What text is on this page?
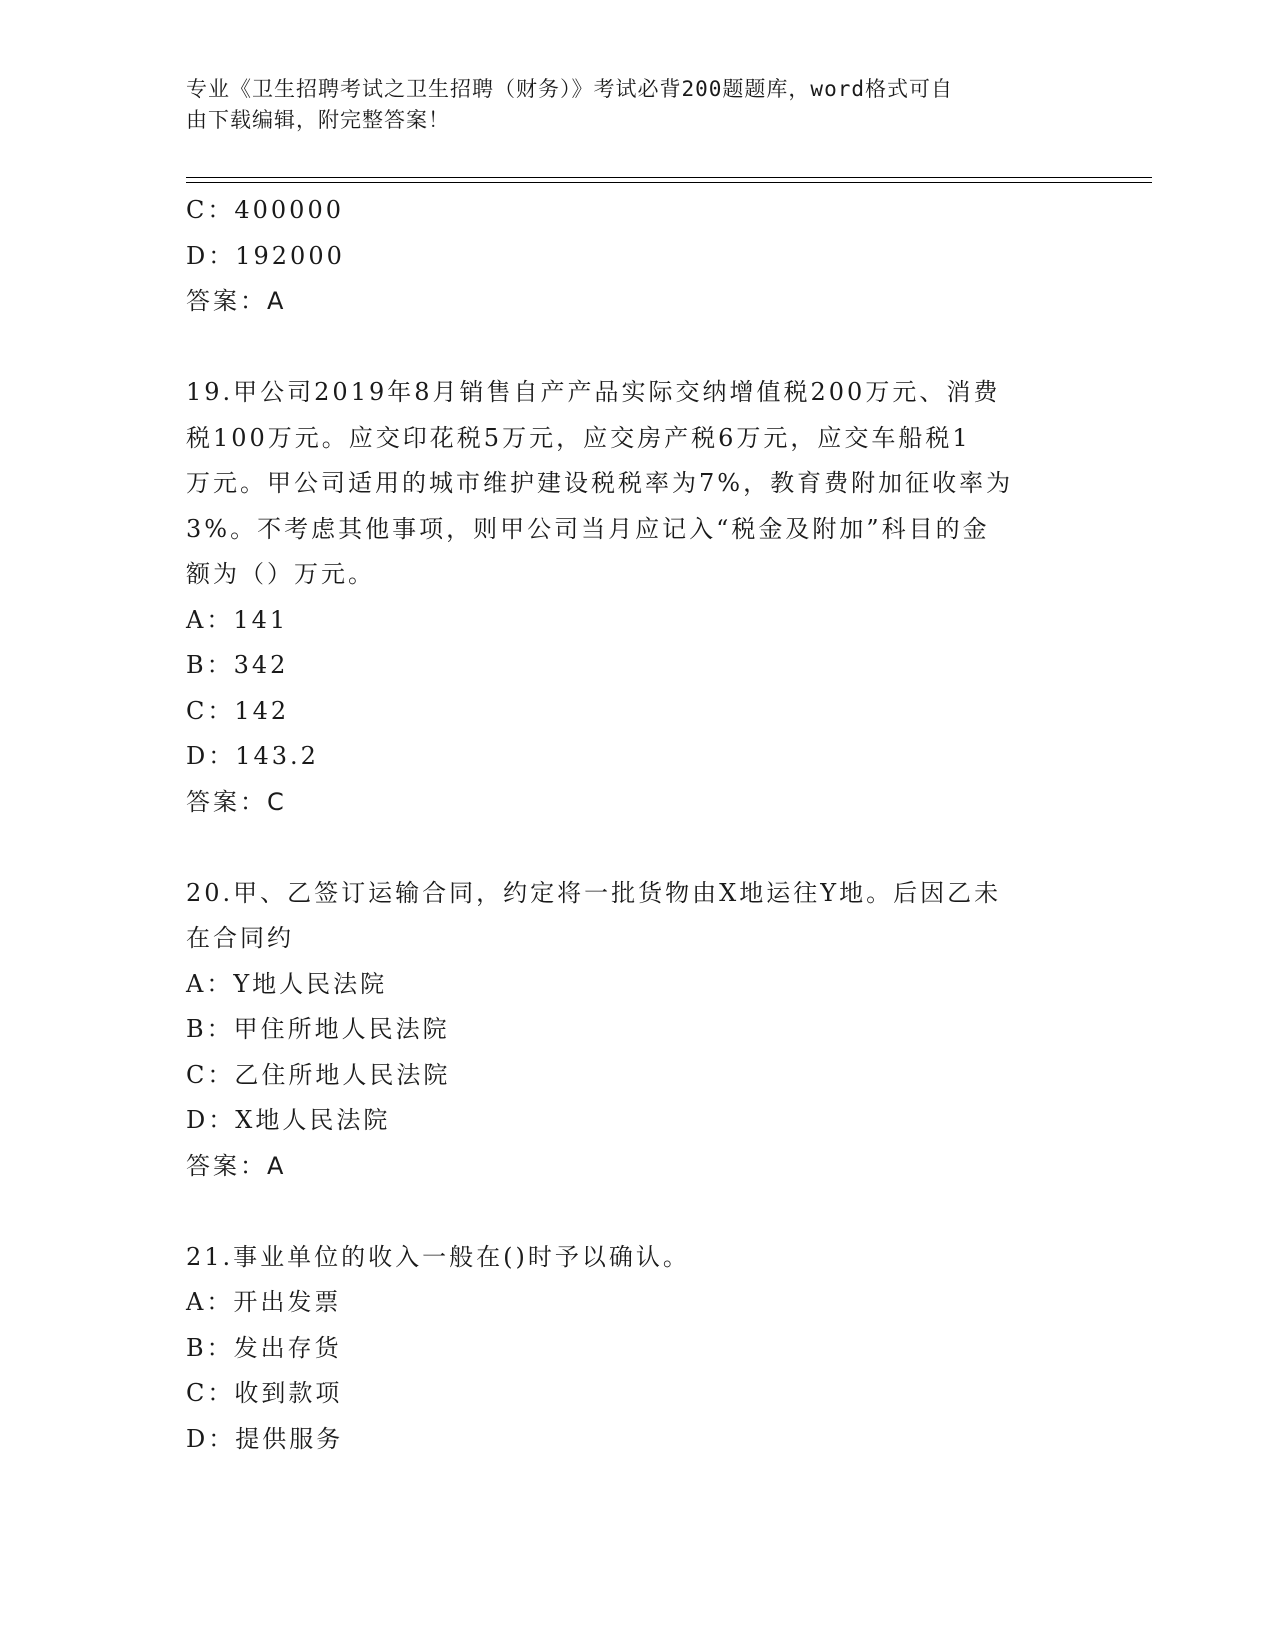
专业《卫生招聘考试之卫生招聘（财务）》考试必背200题题库，word格式可自
由下载编辑，附完整答案！
C：400000
D：192000
答案：A
19.甲公司2019年8月销售自产产品实际交纳增值税200万元、消费
税100万元。应交印花税5万元，应交房产税6万元，应交车船税1
万元。甲公司适用的城市维护建设税税率为7%，教育费附加征收率为
3%。不考虑其他事项，则甲公司当月应记入“税金及附加”科目的金
额为（）万元。
A：141
B：342
C：142
D：143.2
答案：C
20.甲、乙签订运输合同，约定将一批货物由X地运往Y地。后因乙未
在合同约
A：Y地人民法院
B：甲住所地人民法院
C：乙住所地人民法院
D：X地人民法院
答案：A
21.事业单位的收入一般在()时予以确认。
A：开出发票
B：发出存货
C：收到款项
D：提供服务
